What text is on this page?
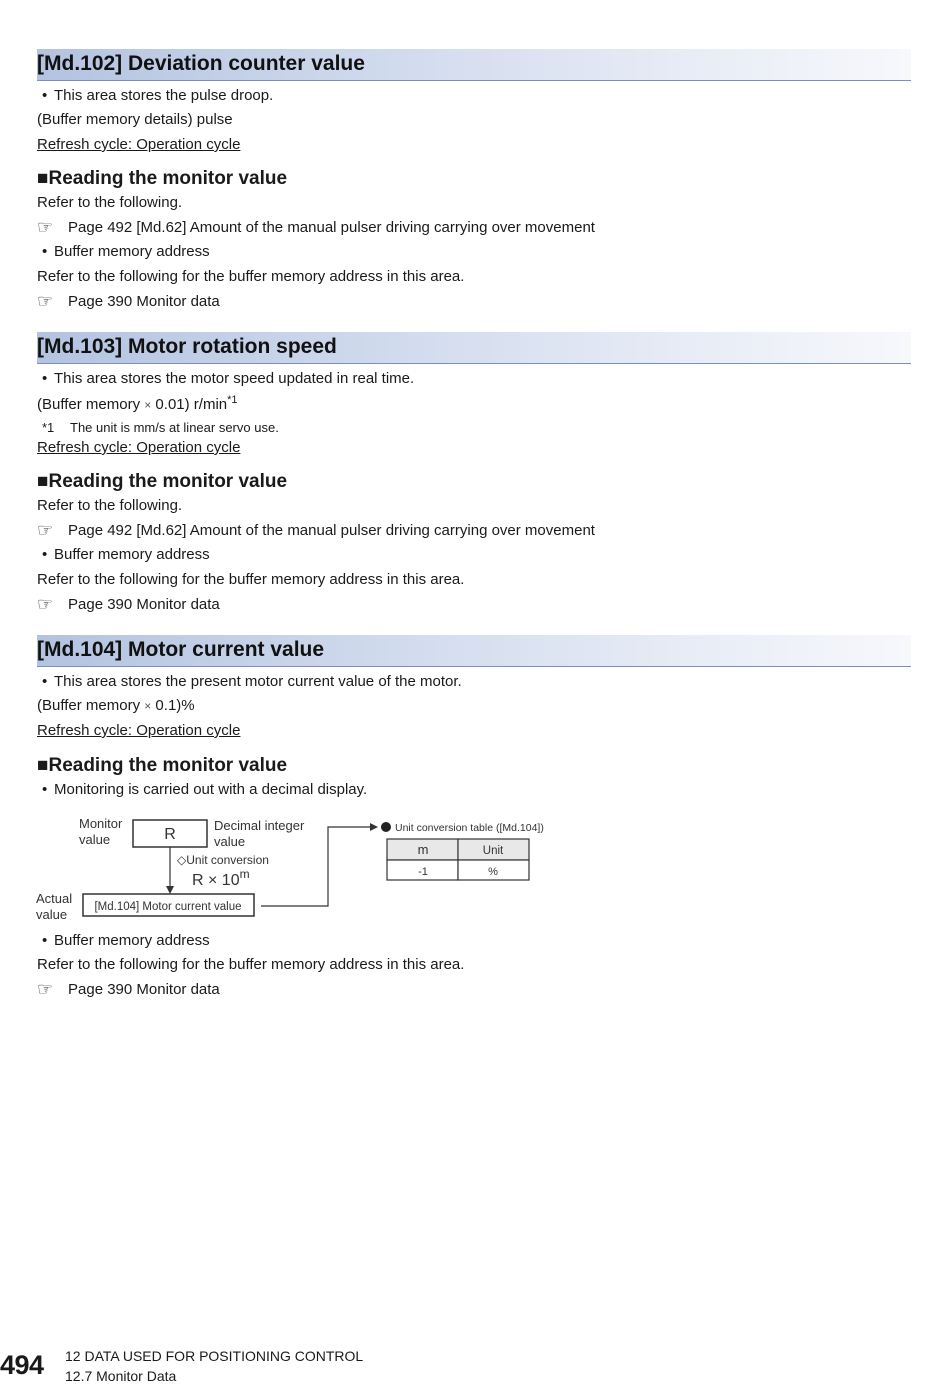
[Md.102] Deviation counter value
• This area stores the pulse droop.
(Buffer memory details) pulse
Refresh cycle: Operation cycle
■Reading the monitor value
Refer to the following.
☞ Page 492 [Md.62] Amount of the manual pulser driving carrying over movement
• Buffer memory address
Refer to the following for the buffer memory address in this area.
☞ Page 390 Monitor data
[Md.103] Motor rotation speed
• This area stores the motor speed updated in real time.
(Buffer memory × 0.01) $r/\min^{*1}$
*1 The unit is mm/s at linear servo use.
Refresh cycle: Operation cycle
■Reading the monitor value
Refer to the following.
☞ Page 492 [Md.62] Amount of the manual pulser driving carrying over movement
• Buffer memory address
Refer to the following for the buffer memory address in this area.
☞ Page 390 Monitor data
[Md.104] Motor current value
• This area stores the present motor current value of the motor.
(Buffer memory × 0.1)%
Refresh cycle: Operation cycle
■Reading the monitor value
• Monitoring is carried out with a decimal display.
Monitor
value	R
Decimal integer
value
◇Unit conversion
$R \times 10^m$
Actual
value [Md.104] Motor current value
Unit conversion table ([Md.104])
m	Unit
-1	%
• Buffer memory address
Refer to the following for the buffer memory address in this area.
☞ Page 390 Monitor data
494 12 DATA USED FOR POSITIONING CONTROL
12.7 Monitor Data
